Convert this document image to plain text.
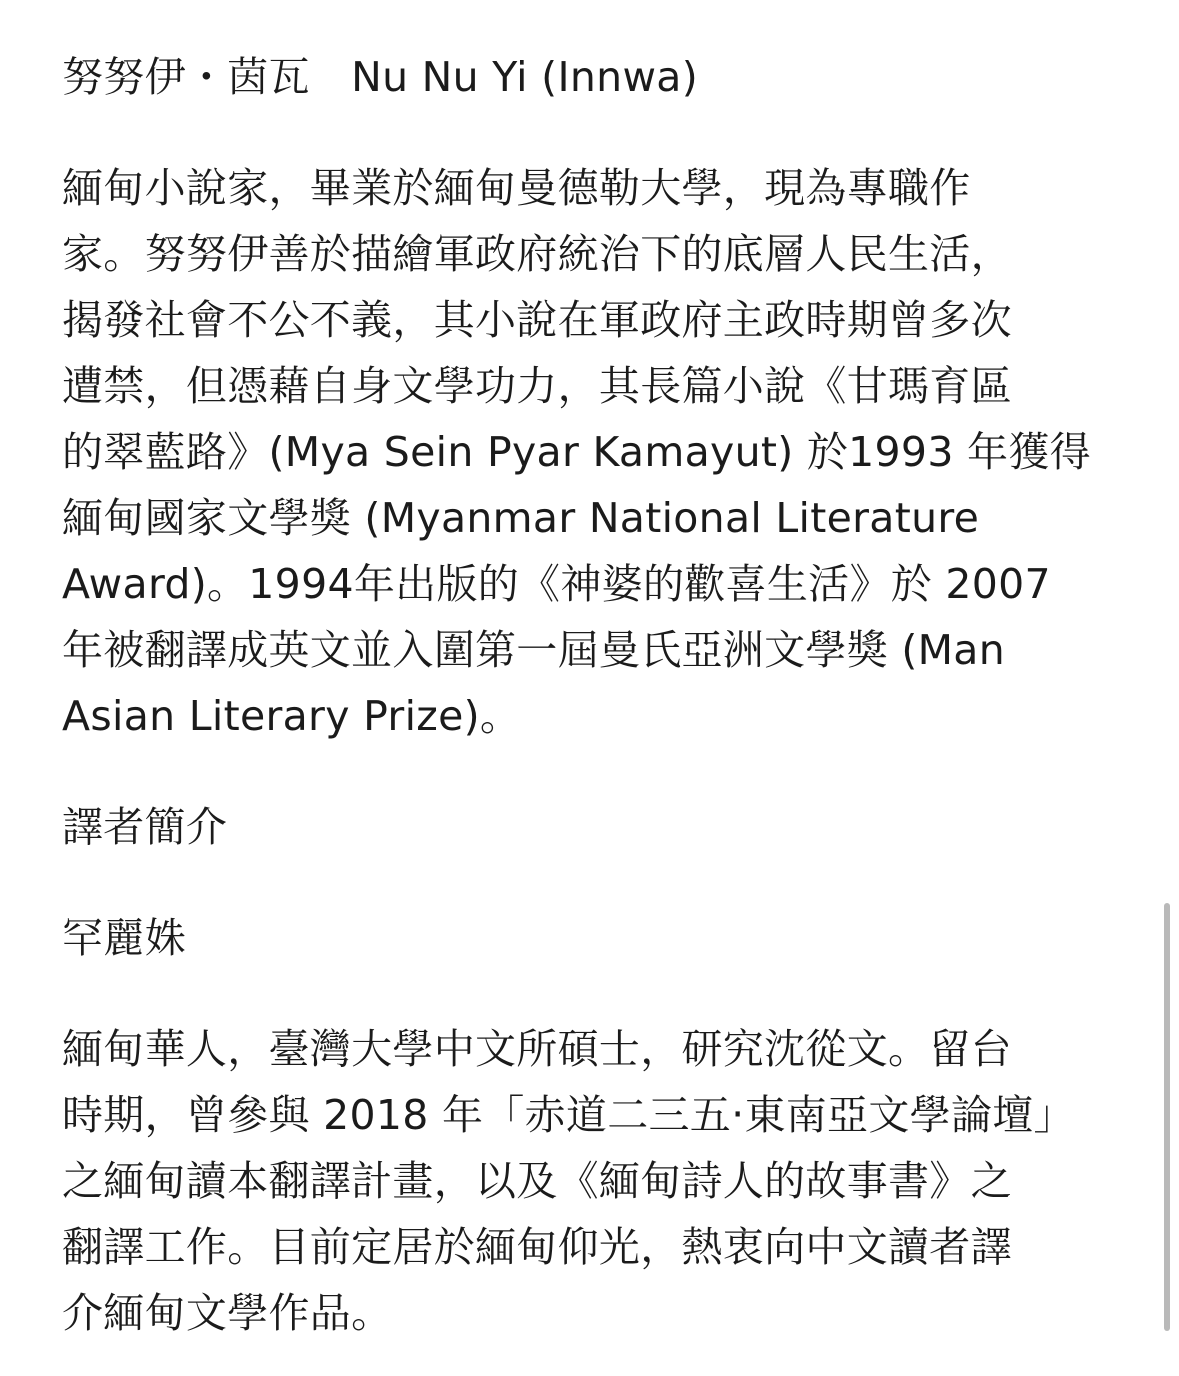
努努伊・茵瓦　Nu Nu Yi (Innwa)
緬甸小說家，畢業於緬甸曼德勒大學，現為專職作
家。努努伊善於描繪軍政府統治下的底層人民生活，
揭發社會不公不義，其小說在軍政府主政時期曾多次
遭禁，但憑藉自身文學功力，其長篇小說《甘瑪育區
的翠藍路》(Mya Sein Pyar Kamayut) 於1993 年獲得
緬甸國家文學獎 (Myanmar National Literature
Award)。1994年出版的《神婆的歡喜生活》於 2007
年被翻譯成英文並入圍第一屆曼氏亞洲文學獎 (Man
Asian Literary Prize)。
譯者簡介
罕麗姝
緬甸華人，臺灣大學中文所碩士，研究沈從文。留台
時期，曾參與 2018 年「赤道二三五‧東南亞文學論壇」
之緬甸讀本翻譯計畫，以及《緬甸詩人的故事書》之
翻譯工作。目前定居於緬甸仰光，熱衷向中文讀者譯
介緬甸文學作品。
